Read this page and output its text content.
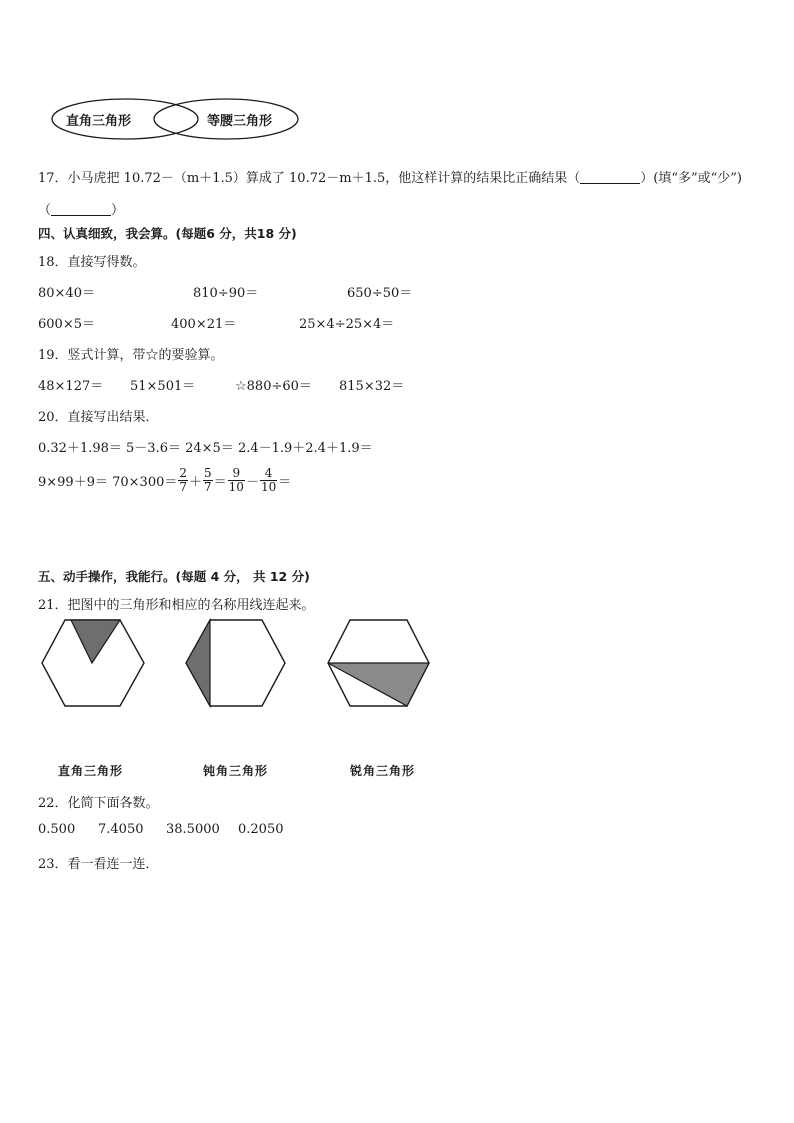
直角三角形	等腰三角形
17．小马虎把 10.72－（m＋1.5）算成了 10.72－m＋1.5，他这样计算的结果比正确结果（	）(填“多”或“少”)
（	）
四、认真细致，我会算。(每题6 分，共18 分)
18．直接写得数。
80×40＝	810÷90＝	650÷50＝
600×5＝	400×21＝	25×4÷25×4＝
19．竖式计算，带☆的要验算。
48×127＝ 51×501＝	☆880÷60＝ 815×32＝
20．直接写出结果．
0.32＋1.98＝ 5－3.6＝ 24×5＝ 2.4－1.9＋2.4＋1.9＝
$9\times 99+9= 70\times 300= \frac{2}{7} + \frac{5}{7} = \frac{9}{10} - \frac{4}{10}$ ＝
五、动手操作，我能行。(每题 4 分， 共 12 分)
21．把图中的三角形和相应的名称用线连起来。
直角三角形	钝角三角形	锐角三角形
22．化简下面各数。
0.500 7.4050 38.5000 0.2050
23．看一看连一连．
